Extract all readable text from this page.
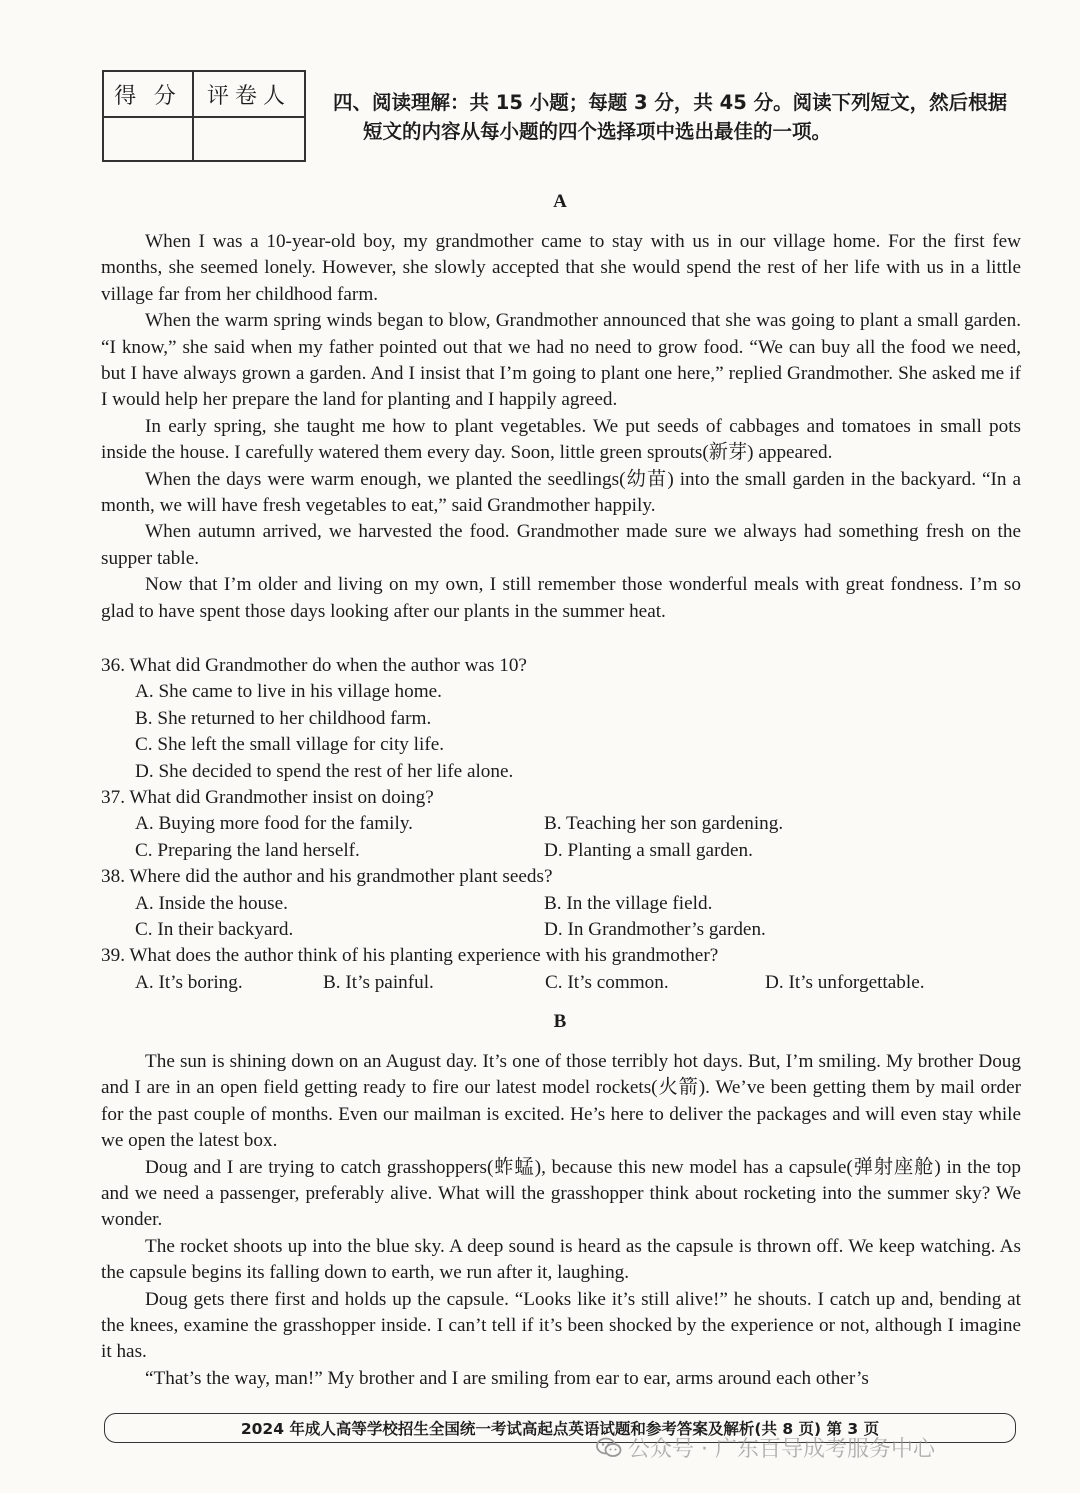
得 分	评卷人
	四、阅读理解：共 15 小题；每题 3 分，共 45 分。阅读下列短文，然后根据
短文的内容从每小题的四个选择项中选出最佳的一项。
A

When I was a 10-year-old boy, my grandmother came to stay with us in our village home. For the first few months, she seemed lonely. However, she slowly accepted that she would spend the rest of her life with us in a little village far from her childhood farm.

When the warm spring winds began to blow, Grandmother announced that she was going to plant a small garden. “I know,” she said when my father pointed out that we had no need to grow food. “We can buy all the food we need, but I have always grown a garden. And I insist that I’m going to plant one here,” replied Grandmother. She asked me if I would help her prepare the land for planting and I happily agreed.

In early spring, she taught me how to plant vegetables. We put seeds of cabbages and tomatoes in small pots inside the house. I carefully watered them every day. Soon, little green sprouts(新芽) appeared.

When the days were warm enough, we planted the seedlings(幼苗) into the small garden in the backyard. “In a month, we will have fresh vegetables to eat,” said Grandmother happily.

When autumn arrived, we harvested the food. Grandmother made sure we always had something fresh on the supper table.

Now that I’m older and living on my own, I still remember those wonderful meals with great fondness. I’m so glad to have spent those days looking after our plants in the summer heat.

36. What did Grandmother do when the author was 10?

A. She came to live in his village home.
B. She returned to her childhood farm.
C. She left the small village for city life.
D. She decided to spend the rest of her life alone.

37. What did Grandmother insist on doing?

A. Buying more food for the family.	B. Teaching her son gardening.
C. Preparing the land herself.	D. Planting a small garden.

38. Where did the author and his grandmother plant seeds?

A. Inside the house.	B. In the village field.
C. In their backyard.	D. In Grandmother’s garden.

39. What does the author think of his planting experience with his grandmother?

A. It’s boring.	B. It’s painful.	C. It’s common.	D. It’s unforgettable.
B

The sun is shining down on an August day. It’s one of those terribly hot days. But, I’m smiling. My brother Doug and I are in an open field getting ready to fire our latest model rockets(火箭). We’ve been getting them by mail order for the past couple of months. Even our mailman is excited. He’s here to deliver the packages and will even stay while we open the latest box.

Doug and I are trying to catch grasshoppers(蚱蜢), because this new model has a capsule(弹射座舱) in the top and we need a passenger, preferably alive. What will the grasshopper think about rocketing into the summer sky? We wonder.

The rocket shoots up into the blue sky. A deep sound is heard as the capsule is thrown off. We keep watching. As the capsule begins its falling down to earth, we run after it, laughing.

Doug gets there first and holds up the capsule. “Looks like it’s still alive!” he shouts. I catch up and, bending at the knees, examine the grasshopper inside. I can’t tell if it’s been shocked by the experience or not, although I imagine it has.

“That’s the way, man!” My brother and I are smiling from ear to ear, arms around each other’s

2024 年成人高等学校招生全国统一考试高起点英语试题和参考答案及解析(共 8 页) 第 3 页
公众号 · 广东百导成考服务中心
